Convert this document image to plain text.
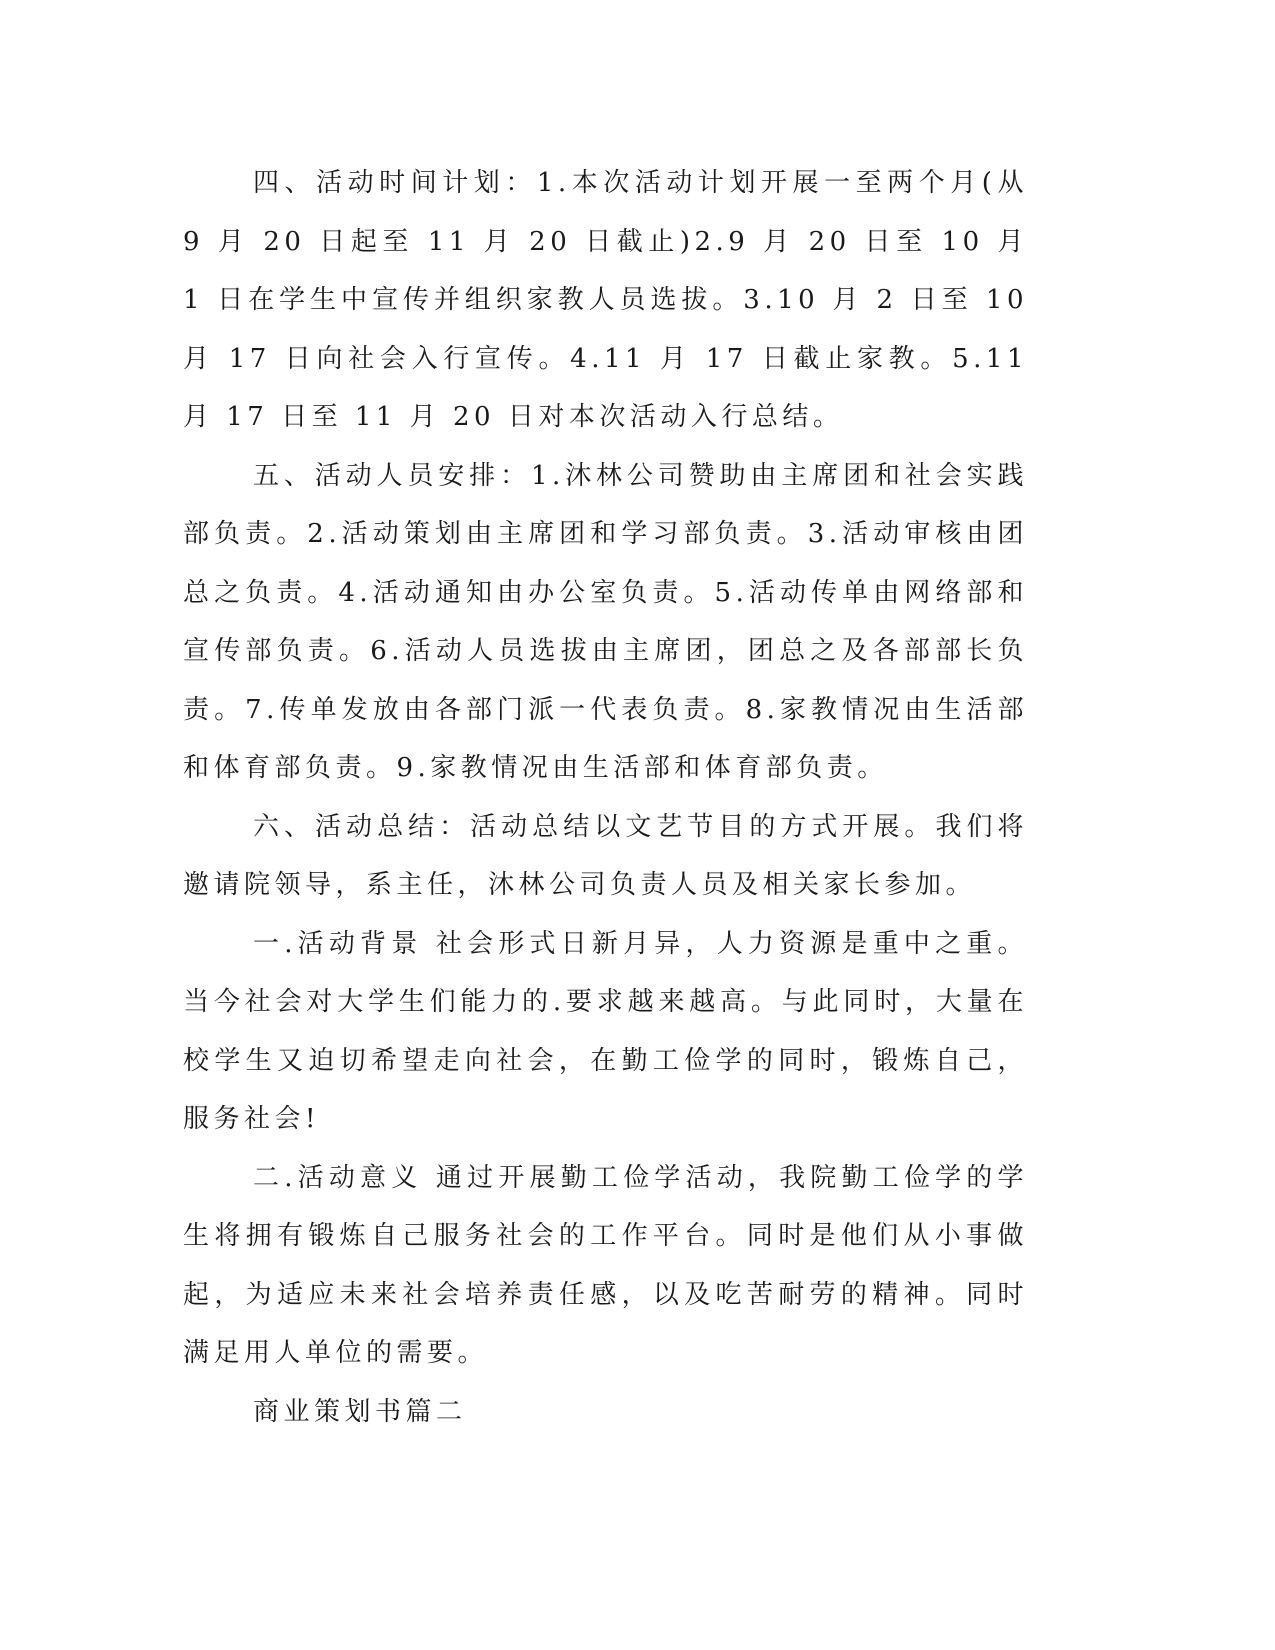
四、活动时间计划：1.本次活动计划开展一至两个月(从 9 月 20 日起至 11 月 20 日截止)2.9 月 20 日至 10 月 1 日在学生中宣传并组织家教人员选拔。3.10 月 2 日至 10 月 17 日向社会入行宣传。4.11 月 17 日截止家教。5.11 月 17 日至 11 月 20 日对本次活动入行总结。

五、活动人员安排：1.沐林公司赞助由主席团和社会实践部负责。2.活动策划由主席团和学习部负责。3.活动审核由团总之负责。4.活动通知由办公室负责。5.活动传单由网络部和宣传部负责。6.活动人员选拔由主席团，团总之及各部部长负责。7.传单发放由各部门派一代表负责。8.家教情况由生活部和体育部负责。9.家教情况由生活部和体育部负责。

六、活动总结：活动总结以文艺节目的方式开展。我们将邀请院领导，系主任，沐林公司负责人员及相关家长参加。

一.活动背景 社会形式日新月异，人力资源是重中之重。当今社会对大学生们能力的.要求越来越高。与此同时，大量在校学生又迫切希望走向社会，在勤工俭学的同时，锻炼自己，服务社会!

二.活动意义 通过开展勤工俭学活动，我院勤工俭学的学生将拥有锻炼自己服务社会的工作平台。同时是他们从小事做起，为适应未来社会培养责任感，以及吃苦耐劳的精神。同时满足用人单位的需要。

商业策划书篇二
